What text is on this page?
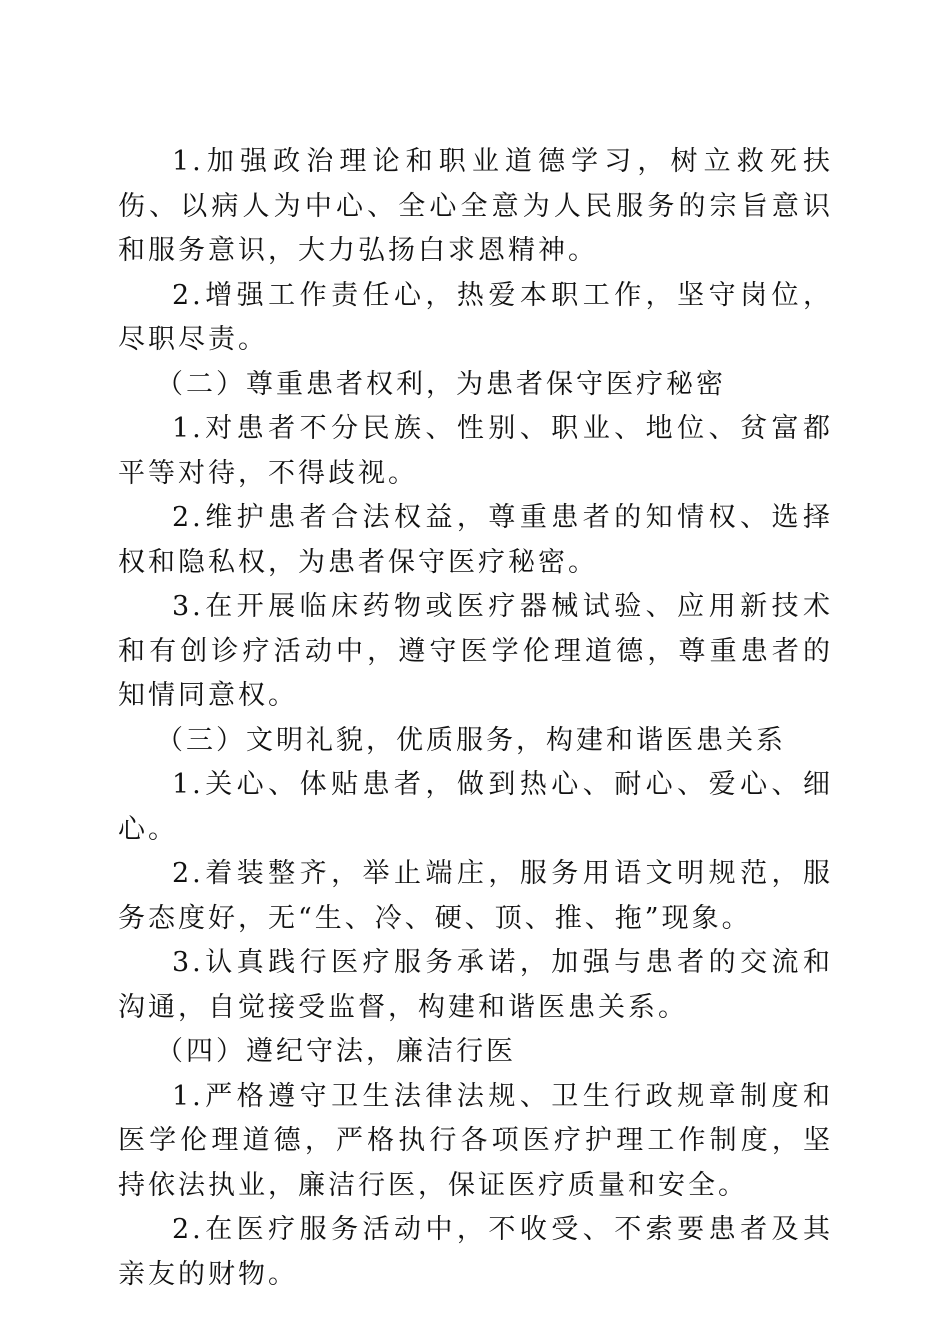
1.加强政治理论和职业道德学习，树立救死扶伤、以病人为中心、全心全意为人民服务的宗旨意识和服务意识，大力弘扬白求恩精神。

2.增强工作责任心，热爱本职工作，坚守岗位，尽职尽责。

（二）尊重患者权利，为患者保守医疗秘密

1.对患者不分民族、性别、职业、地位、贫富都平等对待，不得歧视。

2.维护患者合法权益，尊重患者的知情权、选择权和隐私权，为患者保守医疗秘密。

3.在开展临床药物或医疗器械试验、应用新技术和有创诊疗活动中，遵守医学伦理道德，尊重患者的知情同意权。

（三）文明礼貌，优质服务，构建和谐医患关系

1.关心、体贴患者，做到热心、耐心、爱心、细心。

2.着装整齐，举止端庄，服务用语文明规范，服务态度好，无“生、冷、硬、顶、推、拖”现象。

3.认真践行医疗服务承诺，加强与患者的交流和沟通，自觉接受监督，构建和谐医患关系。

（四）遵纪守法，廉洁行医

1.严格遵守卫生法律法规、卫生行政规章制度和医学伦理道德，严格执行各项医疗护理工作制度，坚持依法执业，廉洁行医，保证医疗质量和安全。

2.在医疗服务活动中，不收受、不索要患者及其亲友的财物。
